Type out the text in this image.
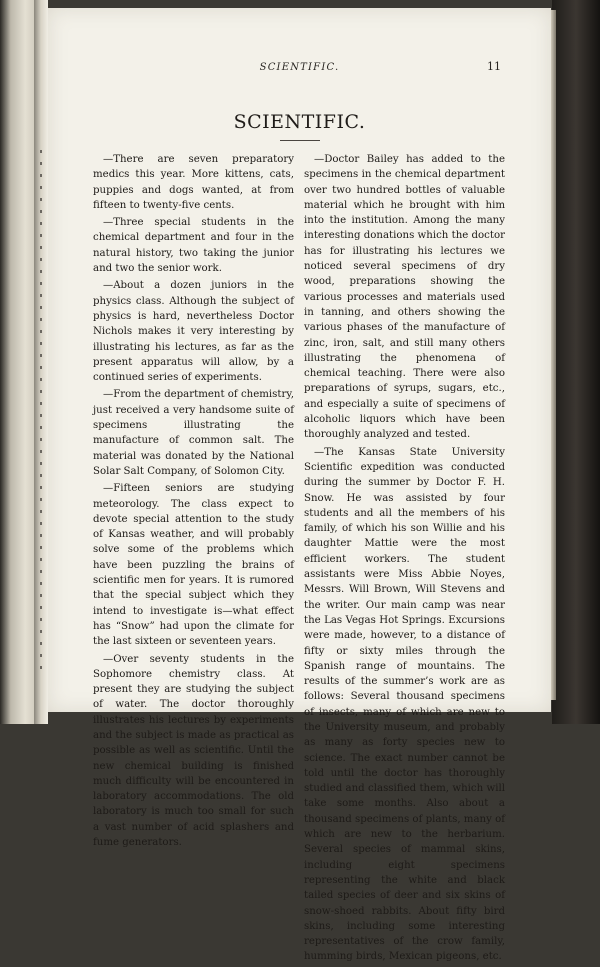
SCIENTIFIC.	11
SCIENTIFIC.

—There are seven preparatory medics this year. More kittens, cats, puppies and dogs wanted, at from fifteen to twenty-five cents.

—Three special students in the chemical department and four in the natural history, two taking the junior and two the senior work.

—About a dozen juniors in the physics class. Although the subject of physics is hard, nevertheless Doctor Nichols makes it very interesting by illustrating his lectures, as far as the present apparatus will allow, by a continued series of experiments.

—From the department of chemistry, just received a very handsome suite of specimens illustrating the manufacture of common salt. The material was donated by the National Solar Salt Company, of Solomon City.

—Fifteen seniors are studying meteorology. The class expect to devote special attention to the study of Kansas weather, and will probably solve some of the problems which have been puzzling the brains of scientific men for years. It is rumored that the special subject which they intend to investigate is—what effect has “Snow” had upon the climate for the last sixteen or seventeen years.

—Over seventy students in the Sophomore chemistry class. At present they are studying the subject of water. The doctor thoroughly illustrates his lectures by experiments and the subject is made as practical as possible as well as scientific. Until the new chemical building is finished much difficulty will be encountered in laboratory accommodations. The old laboratory is much too small for such a vast number of acid splashers and fume generators.

—Doctor Bailey has added to the specimens in the chemical department over two hundred bottles of valuable material which he brought with him into the institution. Among the many interesting donations which the doctor has for illustrating his lectures we noticed several specimens of dry wood, preparations showing the various processes and materials used in tanning, and others showing the various phases of the manufacture of zinc, iron, salt, and still many others illustrating the phenomena of chemical teaching. There were also preparations of syrups, sugars, etc., and especially a suite of specimens of alcoholic liquors which have been thoroughly analyzed and tested.

—The Kansas State University Scientific expedition was conducted during the summer by Doctor F. H. Snow. He was assisted by four students and all the members of his family, of which his son Willie and his daughter Mattie were the most efficient workers. The student assistants were Miss Abbie Noyes, Messrs. Will Brown, Will Stevens and the writer. Our main camp was near the Las Vegas Hot Springs. Excursions were made, however, to a distance of fifty or sixty miles through the Spanish range of mountains. The results of the summer’s work are as follows: Several thousand specimens of insects, many of which are new to the University museum, and probably as many as forty species new to science. The exact number cannot be told until the doctor has thoroughly studied and classified them, which will take some months. Also about a thousand specimens of plants, many of which are new to the herbarium. Several species of mammal skins, including eight specimens representing the white and black tailed species of deer and six skins of snow-shoed rabbits. About fifty bird skins, including some interesting representatives of the crow family, humming birds, Mexican pigeons, etc.
